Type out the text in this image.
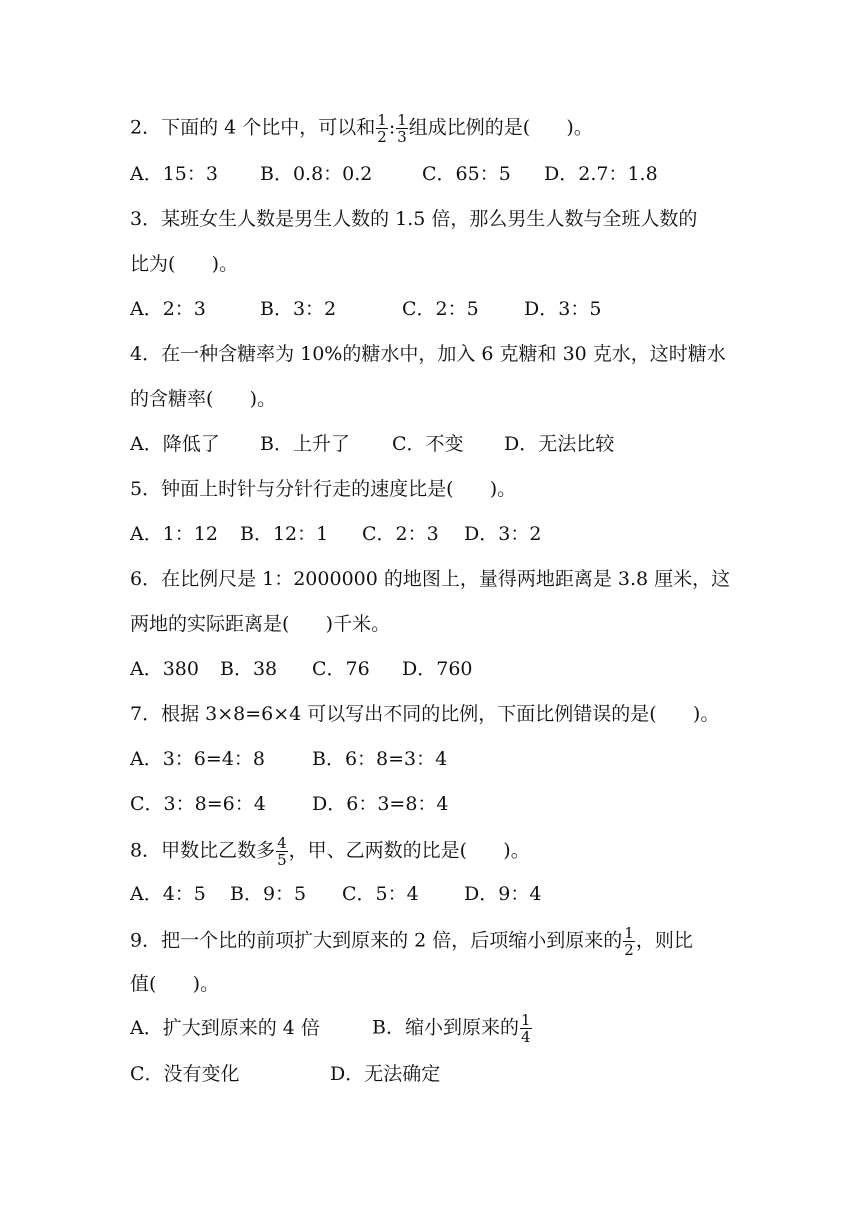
2．下面的 4 个比中，可以和 $\frac{1}{2}$ : $\frac{1}{3}$ 组成比例的是(      )。
A．15：3 B．0.8：0.2	C．65：5 D．2.7：1.8
3．某班女生人数是男生人数的 1.5 倍，那么男生人数与全班人数的
比为(      )。
A．2：3	B．3：2	C．2：5 D．3：5
4．在一种含糖率为 10%的糖水中，加入 6 克糖和 30 克水，这时糖水
的含糖率(      )。
A．降低了 B．上升了 C．不变 D．无法比较
5．钟面上时针与分针行走的速度比是(      )。
A．1：12 B．12：1 C．2：3 D．3：2
6．在比例尺是 1：2000000 的地图上，量得两地距离是 3.8 厘米，这
两地的实际距离是(      )千米。
A．380 B．38 C．76 D．760
7．根据 3×8=6×4 可以写出不同的比例，下面比例错误的是(      )。
A．3：6=4：8 B．6：8=3：4
C．3：8=6：4 D．6：3=8：4
8．甲数比乙数多 $\frac{4}{5}$ ，甲、乙两数的比是(      )。
A．4：5 B．9：5 C．5：4 D．9：4
9．把一个比的前项扩大到原来的 2 倍，后项缩小到原来的 $\frac{1}{2}$ ，则比
值(      )。
A．扩大到原来的 4 倍	B．缩小到原来的 $\frac{1}{4}$
C．没有变化	D．无法确定
